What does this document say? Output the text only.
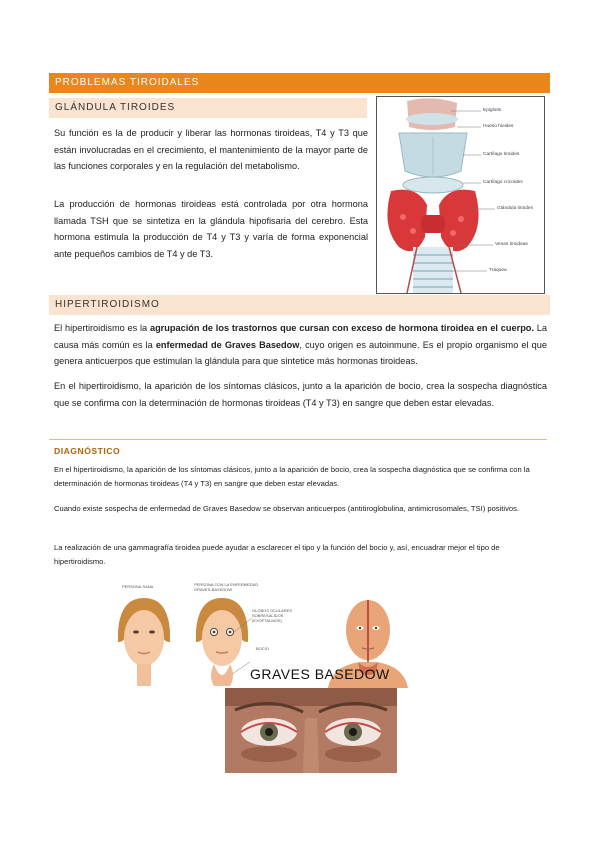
PROBLEMAS TIROIDALES
GLÁNDULA TIROIDES
Su función es la de producir y liberar las hormonas tiroideas, T4 y T3 que están involucradas en el crecimiento, el mantenimiento de la mayor parte de las funciones corporales y en la regulación del metabolismo.
La producción de hormonas tiroideas está controlada por otra hormona llamada TSH que se sintetiza en la glándula hipofisaria del cerebro. Esta hormona estimula la producción de T4 y T3 y varía de forma exponencial ante pequeños cambios de T4 y de T3.
Epiglotis
Hueso hioides
Cartílago tiroides
Cartílago cricoides
Glándula tiroides
Venas tiroideas
Tráquea
HIPERTIROIDISMO
El hipertiroidismo es la agrupación de los trastornos que cursan con exceso de hormona tiroidea en el cuerpo. La causa más común es la enfermedad de Graves Basedow, cuyo origen es autoinmune. Es el propio organismo el que genera anticuerpos que estimulan la glándula para que sintetice más hormonas tiroideas.
En el hipertiroidismo, la aparición de los síntomas clásicos, junto a la aparición de bocio, crea la sospecha diagnóstica que se confirma con la determinación de hormonas tiroideas (T4 y T3) en sangre que deben estar elevadas.
DIAGNÓSTICO
En el hipertiroidismo, la aparición de los síntomas clásicos, junto a la aparición de bocio, crea la sospecha diagnóstica que se confirma con la determinación de hormonas tiroideas (T4 y T3) en sangre que deben estar elevadas.
Cuando existe sospecha de enfermedad de Graves Basedow se observan anticuerpos (antitiroglobulina, antimicrosomales, TSI) positivos.
La realización de una gammagrafía tiroidea puede ayudar a esclarecer el tipo y la función del bocio y, así, encuadrar mejor el tipo de hipertiroidismo.
PERSONA SANA	PERSONA CON LA ENFERMEDAD GRAVES-BASEDOW
GLOBOS OCULARES SOBRESALIDOS (EXOFTALMOS)
BOCIO
GRAVES BASEDOW
